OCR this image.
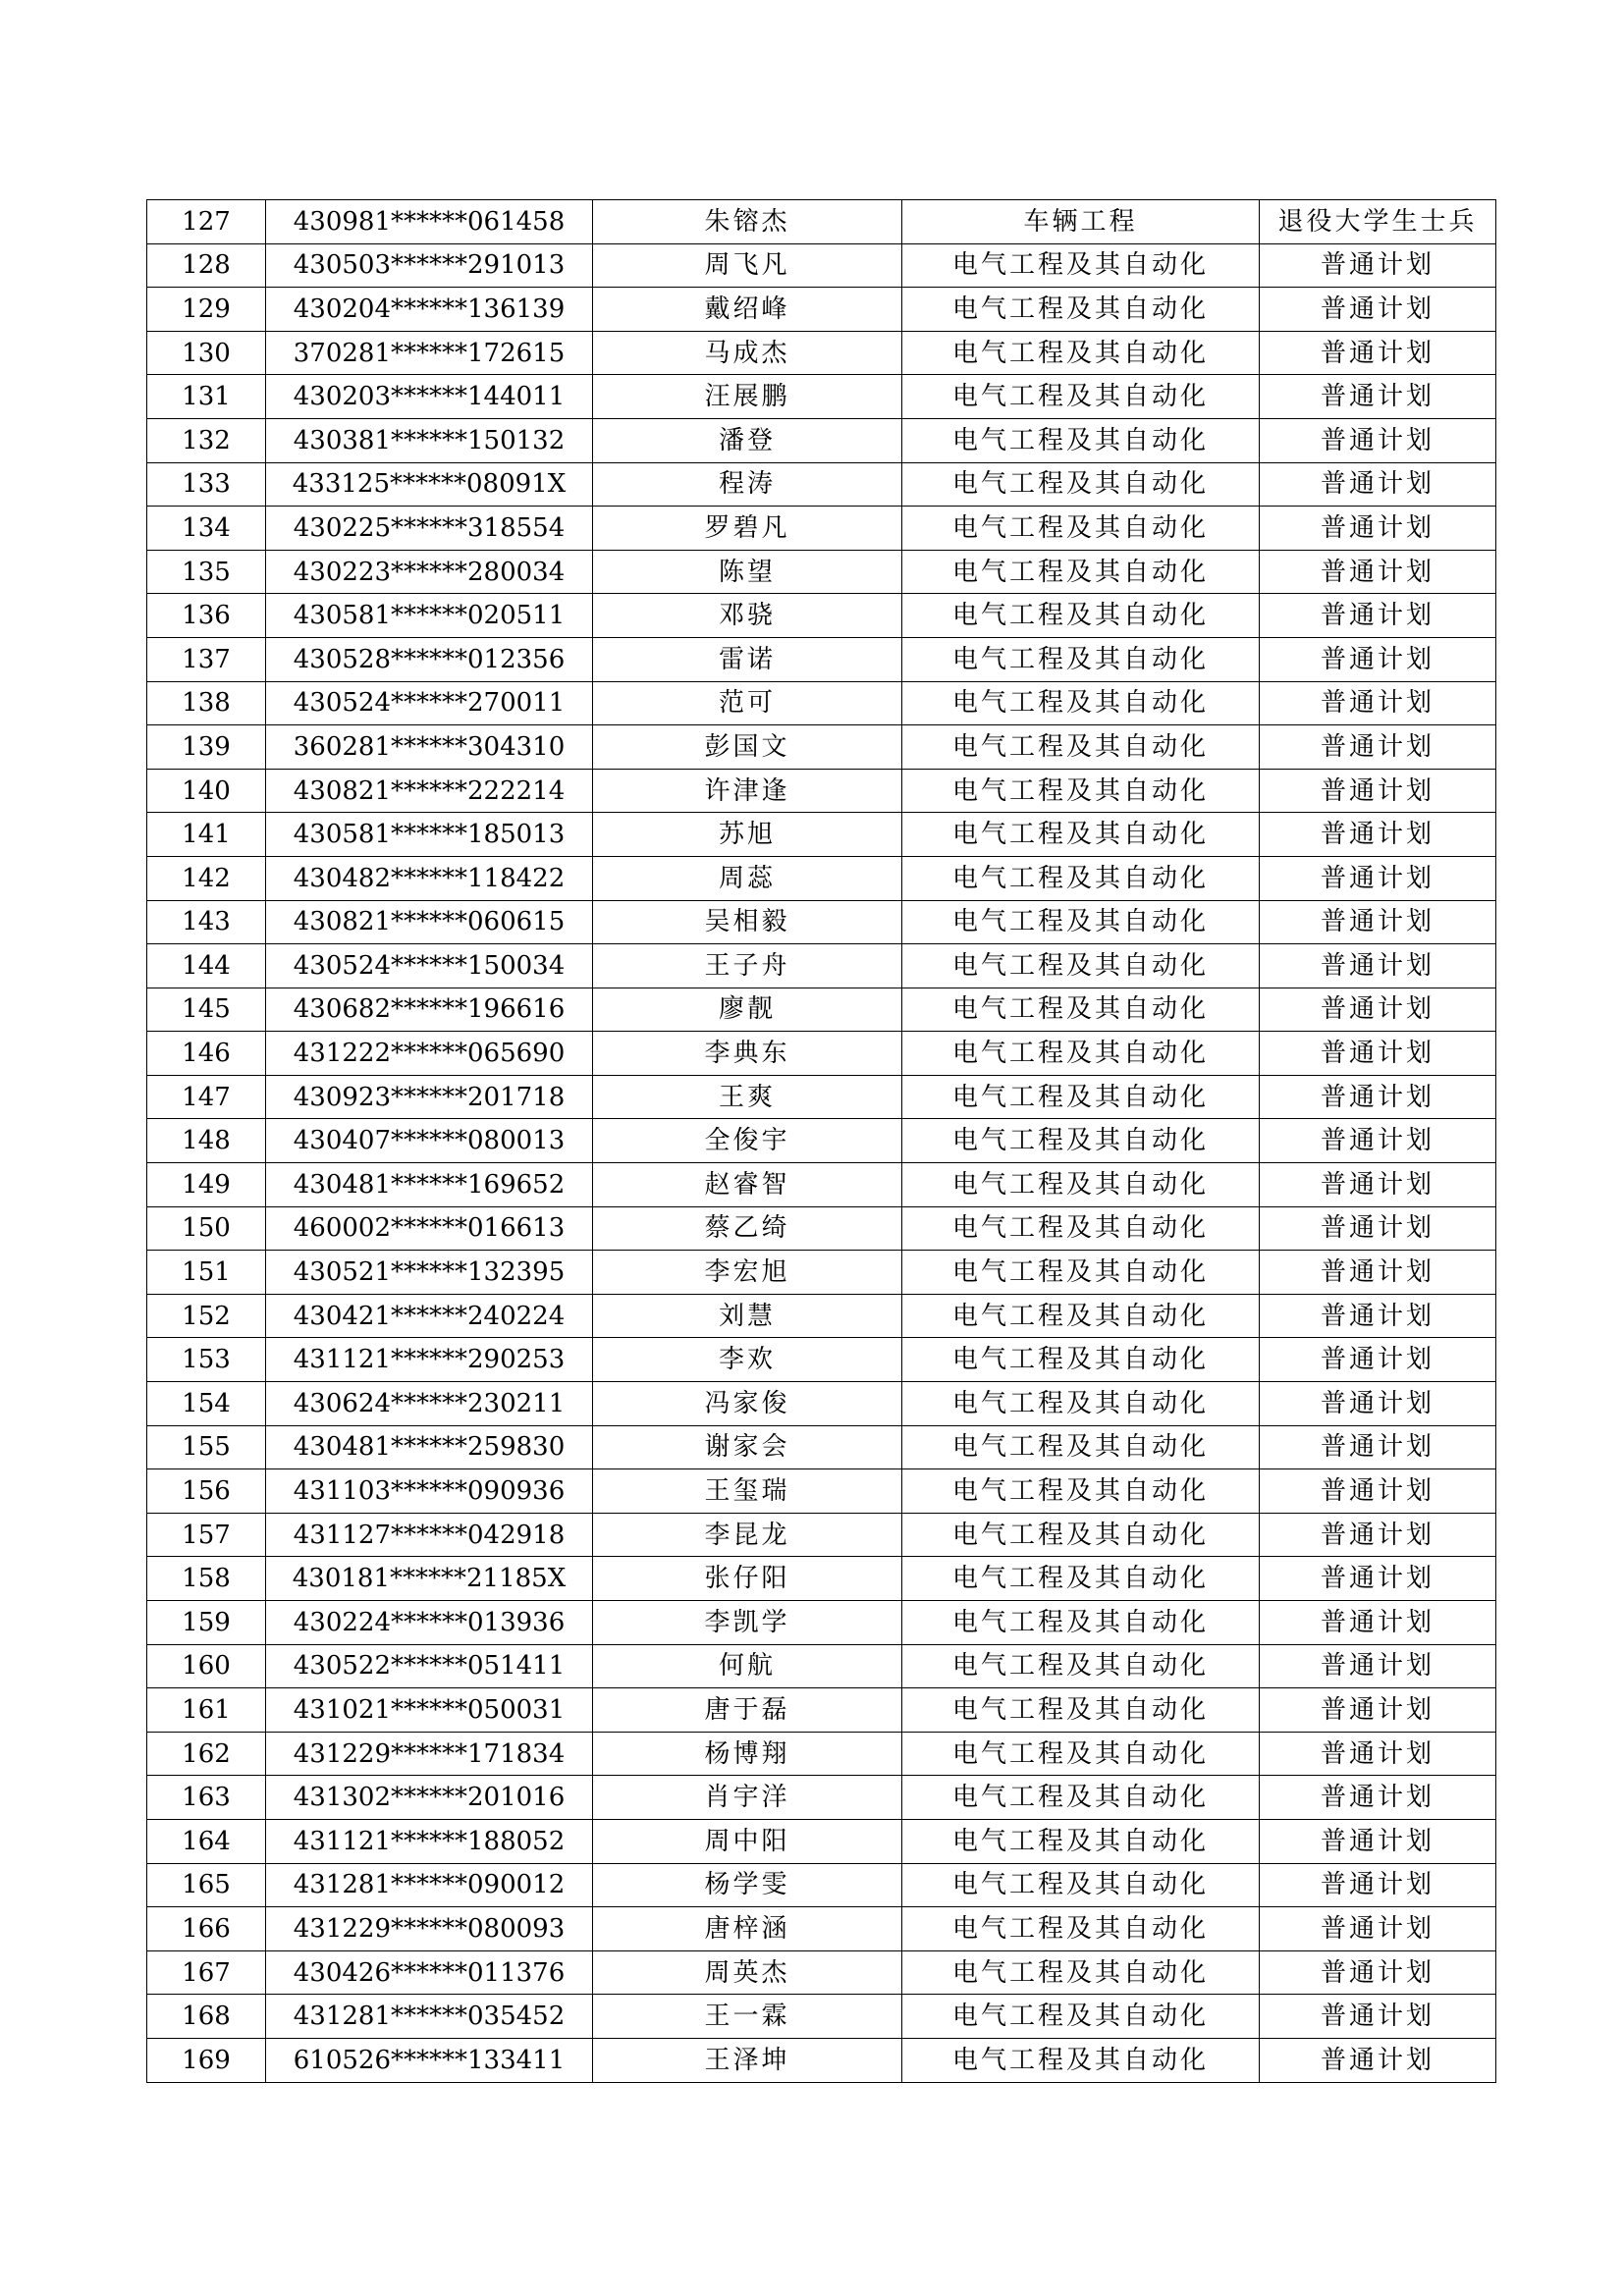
127	430981******061458	朱镕杰	车辆工程	退役大学生士兵
128	430503******291013	周飞凡	电气工程及其自动化	普通计划
129	430204******136139	戴绍峰	电气工程及其自动化	普通计划
130	370281******172615	马成杰	电气工程及其自动化	普通计划
131	430203******144011	汪展鹏	电气工程及其自动化	普通计划
132	430381******150132	潘登	电气工程及其自动化	普通计划
133	433125******08091X	程涛	电气工程及其自动化	普通计划
134	430225******318554	罗碧凡	电气工程及其自动化	普通计划
135	430223******280034	陈望	电气工程及其自动化	普通计划
136	430581******020511	邓骁	电气工程及其自动化	普通计划
137	430528******012356	雷诺	电气工程及其自动化	普通计划
138	430524******270011	范可	电气工程及其自动化	普通计划
139	360281******304310	彭国文	电气工程及其自动化	普通计划
140	430821******222214	许津逢	电气工程及其自动化	普通计划
141	430581******185013	苏旭	电气工程及其自动化	普通计划
142	430482******118422	周蕊	电气工程及其自动化	普通计划
143	430821******060615	吴相毅	电气工程及其自动化	普通计划
144	430524******150034	王子舟	电气工程及其自动化	普通计划
145	430682******196616	廖靓	电气工程及其自动化	普通计划
146	431222******065690	李典东	电气工程及其自动化	普通计划
147	430923******201718	王爽	电气工程及其自动化	普通计划
148	430407******080013	全俊宇	电气工程及其自动化	普通计划
149	430481******169652	赵睿智	电气工程及其自动化	普通计划
150	460002******016613	蔡乙绮	电气工程及其自动化	普通计划
151	430521******132395	李宏旭	电气工程及其自动化	普通计划
152	430421******240224	刘慧	电气工程及其自动化	普通计划
153	431121******290253	李欢	电气工程及其自动化	普通计划
154	430624******230211	冯家俊	电气工程及其自动化	普通计划
155	430481******259830	谢家会	电气工程及其自动化	普通计划
156	431103******090936	王玺瑞	电气工程及其自动化	普通计划
157	431127******042918	李昆龙	电气工程及其自动化	普通计划
158	430181******21185X	张仔阳	电气工程及其自动化	普通计划
159	430224******013936	李凯学	电气工程及其自动化	普通计划
160	430522******051411	何航	电气工程及其自动化	普通计划
161	431021******050031	唐于磊	电气工程及其自动化	普通计划
162	431229******171834	杨博翔	电气工程及其自动化	普通计划
163	431302******201016	肖宇洋	电气工程及其自动化	普通计划
164	431121******188052	周中阳	电气工程及其自动化	普通计划
165	431281******090012	杨学雯	电气工程及其自动化	普通计划
166	431229******080093	唐梓涵	电气工程及其自动化	普通计划
167	430426******011376	周英杰	电气工程及其自动化	普通计划
168	431281******035452	王一霖	电气工程及其自动化	普通计划
169	610526******133411	王泽坤	电气工程及其自动化	普通计划
